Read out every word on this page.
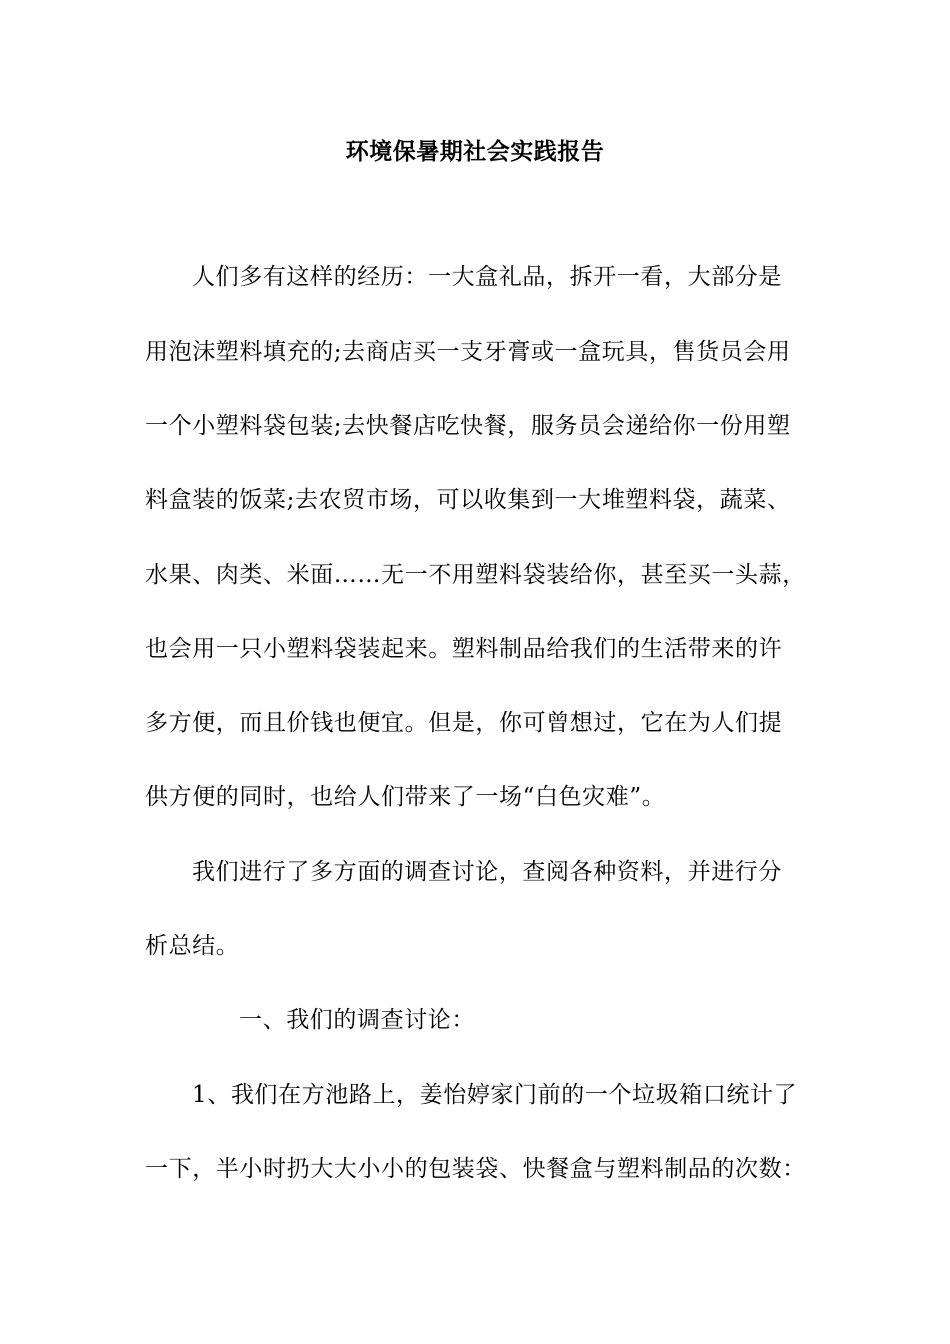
环境保暑期社会实践报告
人们多有这样的经历：一大盒礼品，拆开一看，大部分是
用泡沫塑料填充的;去商店买一支牙膏或一盒玩具，售货员会用
一个小塑料袋包装;去快餐店吃快餐，服务员会递给你一份用塑
料盒装的饭菜;去农贸市场，可以收集到一大堆塑料袋，蔬菜、
水果、肉类、米面……无一不用塑料袋装给你，甚至买一头蒜，
也会用一只小塑料袋装起来。塑料制品给我们的生活带来的许
多方便，而且价钱也便宜。但是，你可曾想过，它在为人们提
供方便的同时，也给人们带来了一场“白色灾难”。
我们进行了多方面的调查讨论，查阅各种资料，并进行分
析总结。
一、我们的调查讨论：
1、我们在方池路上，姜怡婷家门前的一个垃圾箱口统计了
一下，半小时扔大大小小的包装袋、快餐盒与塑料制品的次数：
